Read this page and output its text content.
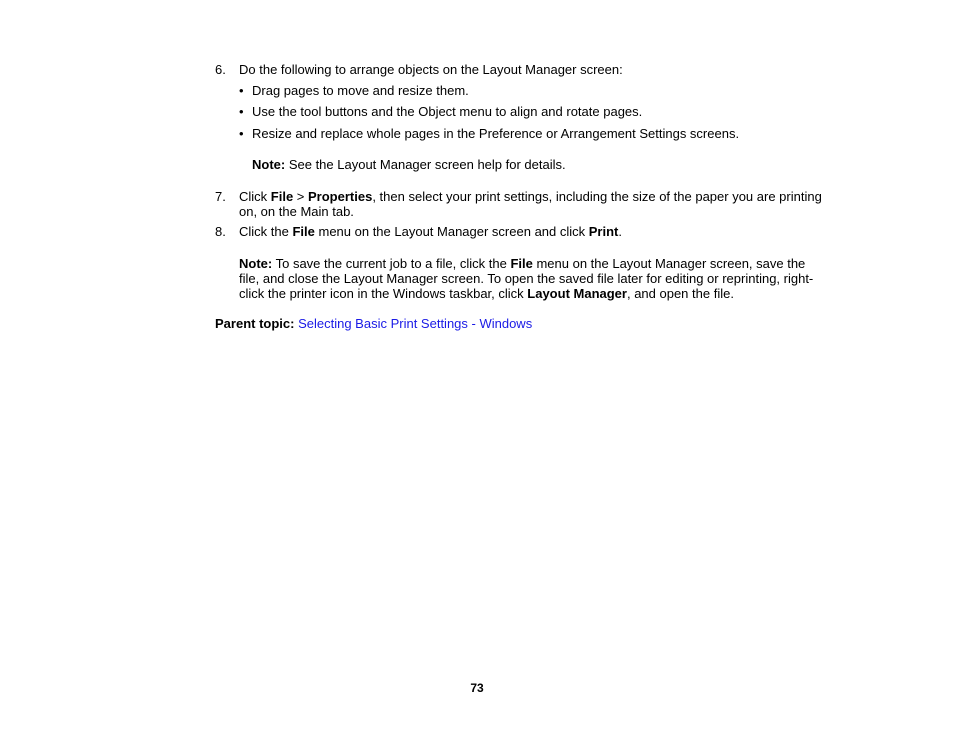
6. Do the following to arrange objects on the Layout Manager screen:
• Drag pages to move and resize them.
• Use the tool buttons and the Object menu to align and rotate pages.
• Resize and replace whole pages in the Preference or Arrangement Settings screens.
Note: See the Layout Manager screen help for details.
7. Click File > Properties, then select your print settings, including the size of the paper you are printing on, on the Main tab.
8. Click the File menu on the Layout Manager screen and click Print.
Note: To save the current job to a file, click the File menu on the Layout Manager screen, save the file, and close the Layout Manager screen. To open the saved file later for editing or reprinting, right-click the printer icon in the Windows taskbar, click Layout Manager, and open the file.
Parent topic: Selecting Basic Print Settings - Windows
73
